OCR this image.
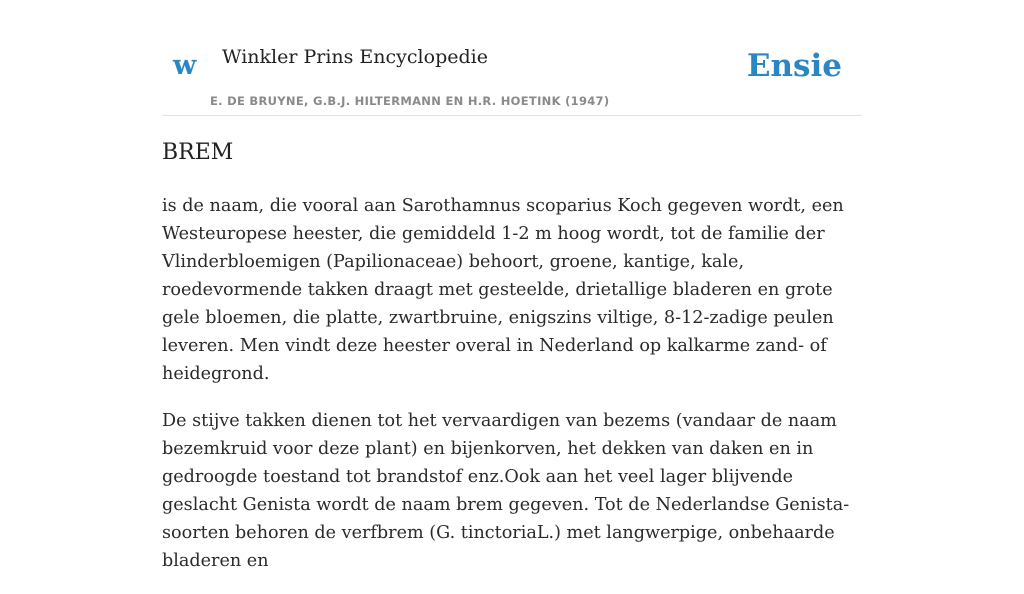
w Winkler Prins Encyclopedie
E. DE BRUYNE, G.B.J. HILTERMANN EN H.R. HOETINK (1947)
Ensie
BREM

is de naam, die vooral aan Sarothamnus scoparius Koch gegeven wordt, een Westeuropese heester, die gemiddeld 1-2 m hoog wordt, tot de familie der Vlinderbloemigen (Papilionaceae) behoort, groene, kantige, kale, roedevormende takken draagt met gesteelde, drietallige bladeren en grote gele bloemen, die platte, zwartbruine, enigszins viltige, 8-12-zadige peulen leveren. Men vindt deze heester overal in Nederland op kalkarme zand- of heidegrond.

De stijve takken dienen tot het vervaardigen van bezems (vandaar de naam bezemkruid voor deze plant) en bijenkorven, het dekken van daken en in gedroogde toestand tot brandstof enz.Ook aan het veel lager blijvende geslacht Genista wordt de naam brem gegeven. Tot de Nederlandse Genista-soorten behoren de verfbrem (G. tinctoriaL.) met langwerpige, onbehaarde bladeren en
